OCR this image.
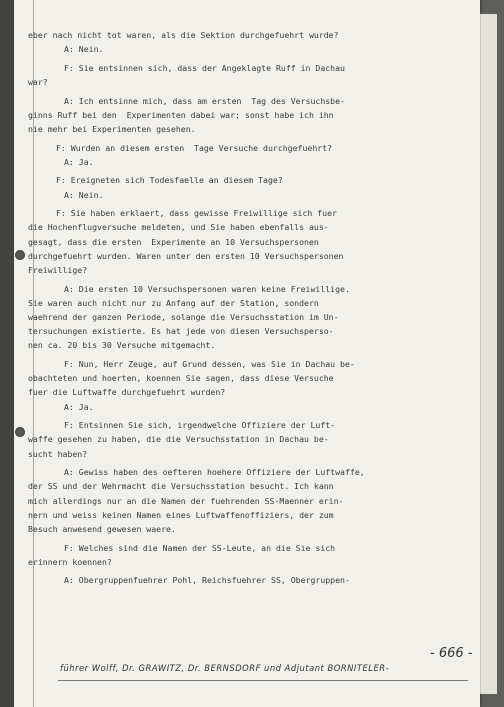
eber nach nicht tot waren, als die Sektion durchgefuehrt wurde?

A: Nein.

F: Sie entsinnen sich, dass der Angeklagte Ruff in Dachau

war?

A: Ich entsinne mich, dass am ersten  Tag des Versuchsbe-

ginns Ruff bei den  Experimenten dabei war; sonst habe ich ihn

nie mehr bei Experimenten gesehen.

F: Wurden an diesem ersten  Tage Versuche durchgefuehrt?

A: Ja.

F: Ereigneten sich Todesfaelle an diesem Tage?

A: Nein.

F: Sie haben erklaert, dass gewisse Freiwillige sich fuer

die Hochenflugversuche meldeten, und Sie haben ebenfalls aus-

gesagt, dass die ersten  Experimente an 10 Versuchspersonen

durchgefuehrt wurden. Waren unter den ersten 10 Versuchspersonen

Freiwillige?

A: Die ersten 10 Versuchspersonen waren keine Freiwillige.

Sie waren auch nicht nur zu Anfang auf der Station, sondern

waehrend der ganzen Periode, solange die Versuchsstation im Un-

tersuchungen existierte. Es hat jede von diesen Versuchsperso-

nen ca. 20 bis 30 Versuche mitgemacht.

F: Nun, Herr Zeuge, auf Grund dessen, was Sie in Dachau be-

obachteten und hoerten, koennen Sie sagen, dass diese Versuche

fuer die Luftwaffe durchgefuehrt wurden?

A: Ja.

F: Entsinnen Sie sich, irgendwelche Offiziere der Luft-

waffe gesehen zu haben, die die Versuchsstation in Dachau be-

sucht haben?

A: Gewiss haben des oefteren hoehere Offiziere der Luftwaffe,

der SS und der Wehrmacht die Versuchsstation besucht. Ich kann

mich allerdings nur an die Namen der fuehrenden SS-Maenner erin-

nern und weiss keinen Namen eines Luftwaffenoffiziers, der zum

Besuch anwesend gewesen waere.

F: Welches sind die Namen der SS-Leute, an die Sie sich

erinnern koennen?

A: Obergruppenfuehrer Pohl, Reichsfuehrer SS, Obergruppen-

- 666 -
führer Wolff, Dr. GRAWITZ, Dr. BERNSDORF und Adjutant BORNITELER-
